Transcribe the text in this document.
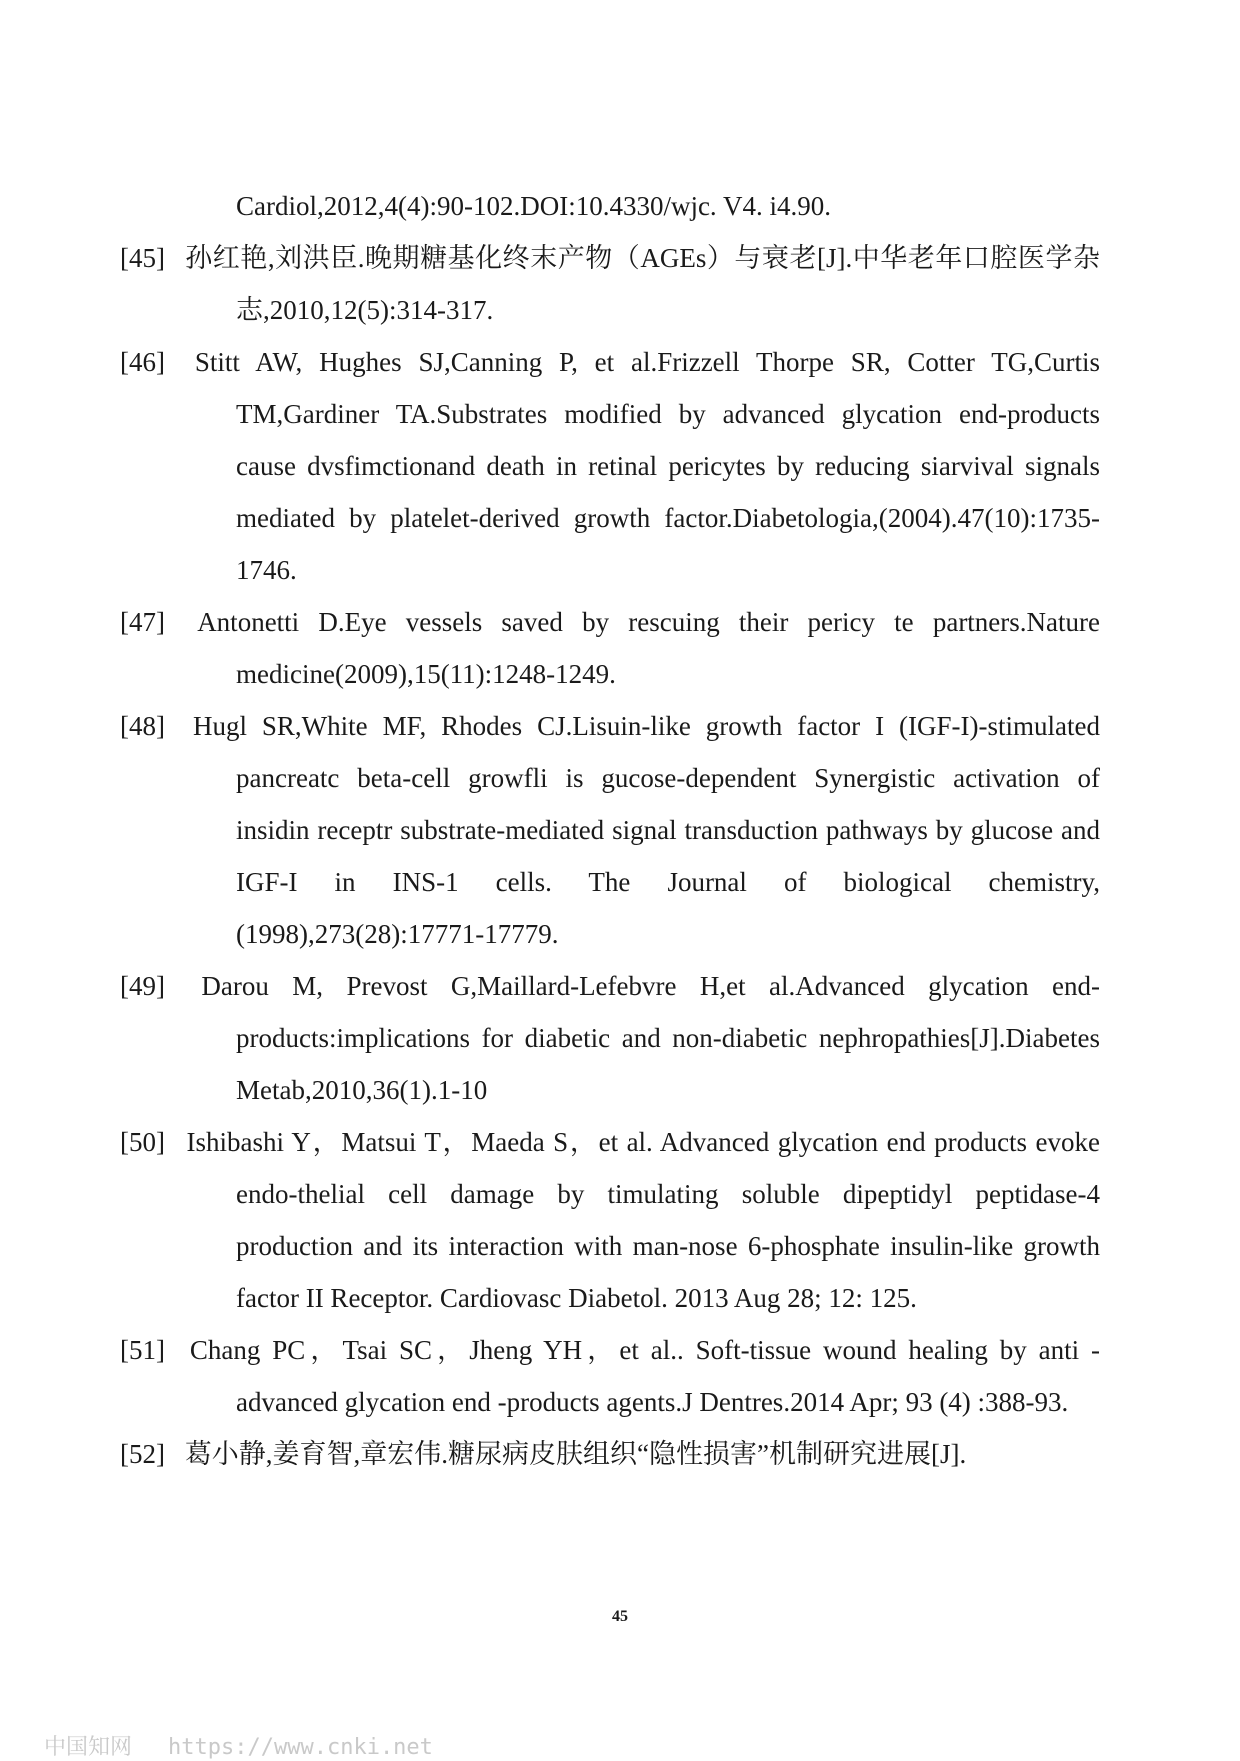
Cardiol,2012,4(4):90-102.DOI:10.4330/wjc. V4. i4.90.

[45] 孙红艳,刘洪臣.晚期糖基化终末产物（AGEs）与衰老[J].中华老年口腔医学杂志,2010,12(5):314-317.

[46] Stitt AW, Hughes SJ,Canning P, et al.Frizzell Thorpe SR, Cotter TG,Curtis TM,Gardiner TA.Substrates modified by advanced glycation end-products cause dvsfimctionand death in retinal pericytes by reducing siarvival signals mediated by platelet-derived growth factor.Diabetologia,(2004).47(10):1735-1746.

[47] Antonetti D.Eye vessels saved by rescuing their pericy te partners.Nature medicine(2009),15(11):1248-1249.

[48] Hugl SR,White MF, Rhodes CJ.Lisuin-like growth factor I (IGF-I)-stimulated pancreatc beta-cell growfli is gucose-dependent Synergistic activation of insidin receptr substrate-mediated signal transduction pathways by glucose and IGF-I in INS-1 cells. The Journal of biological chemistry,(1998),273(28):17771-17779.

[49] Darou M, Prevost G,Maillard-Lefebvre H,et al.Advanced glycation end-products:implications for diabetic and non-diabetic nephropathies[J].Diabetes Metab,2010,36(1).1-10

[50] Ishibashi Y，Matsui T，Maeda S，et al. Advanced glycation end products evoke endo-thelial cell damage by timulating soluble dipeptidyl peptidase-4 production and its interaction with man-nose 6-phosphate insulin-like growth factor II Receptor. Cardiovasc Diabetol. 2013 Aug 28; 12: 125.

[51] Chang PC，Tsai SC，Jheng YH，et al.. Soft-tissue wound healing by anti -advanced glycation end -products agents.J Dentres.2014 Apr; 93 (4) :388-93.

[52] 葛小静,姜育智,章宏伟.糖尿病皮肤组织“隐性损害”机制研究进展[J].

45
中国知网 https://www.cnki.net
